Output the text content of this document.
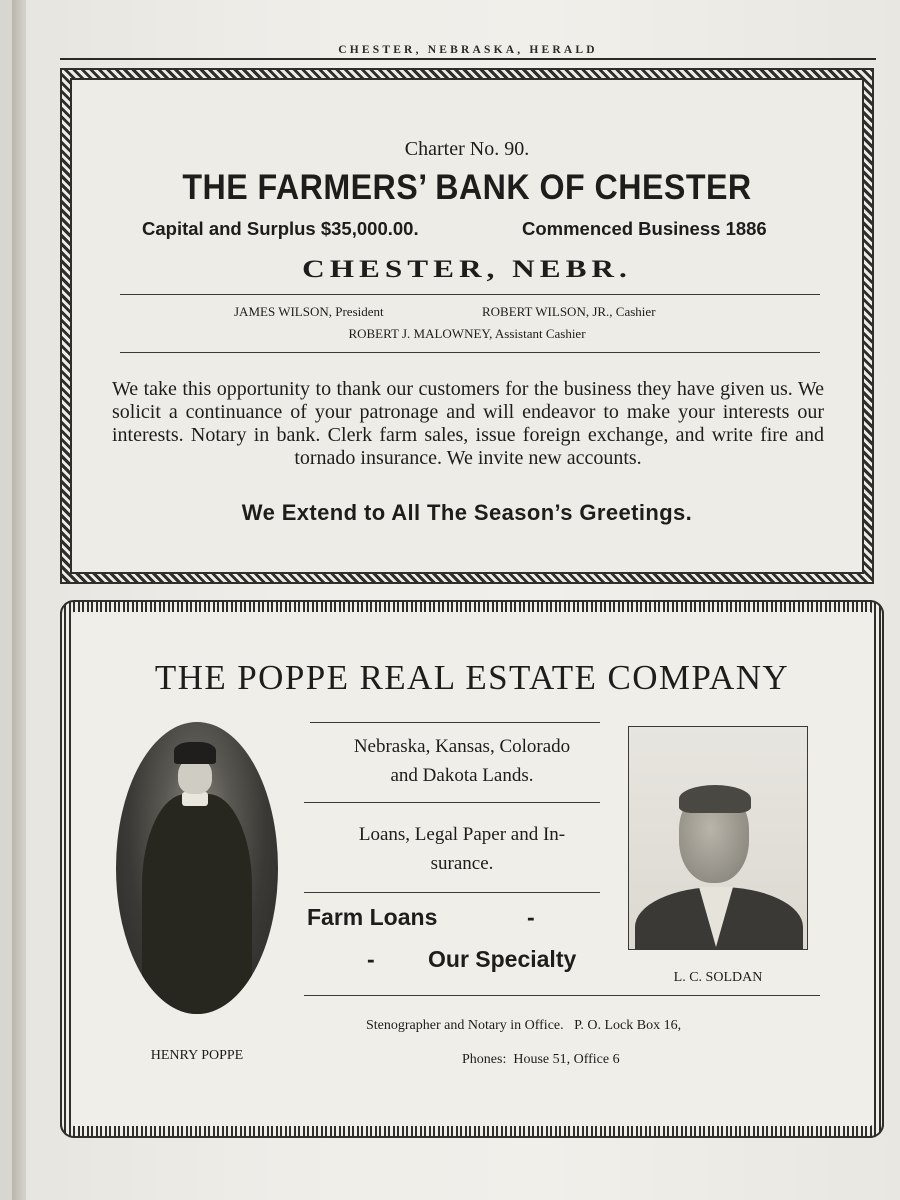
CHESTER, NEBRASKA, HERALD
Charter No. 90.
THE FARMERS’ BANK OF CHESTER
Capital and Surplus $35,000.00.	Commenced Business 1886
CHESTER, NEBR.
JAMES WILSON, President	ROBERT WILSON, JR., Cashier
ROBERT J. MALOWNEY, Assistant Cashier
We take this opportunity to thank our customers for the business they have given us. We solicit a continuance of your patronage and will endeavor to make your interests our interests. Notary in bank. Clerk farm sales, issue foreign exchange, and write fire and tornado insurance. We invite new accounts.
We Extend to All The Season’s Greetings.
THE POPPE REAL ESTATE COMPANY
Nebraska, Kansas, Colorado
and Dakota Lands.
Loans, Legal Paper and In-
surance.
Farm Loans	-
- Our Specialty
HENRY POPPE
L. C. SOLDAN
Stenographer and Notary in Office.   P. O. Lock Box 16,
Phones:  House 51, Office 6
